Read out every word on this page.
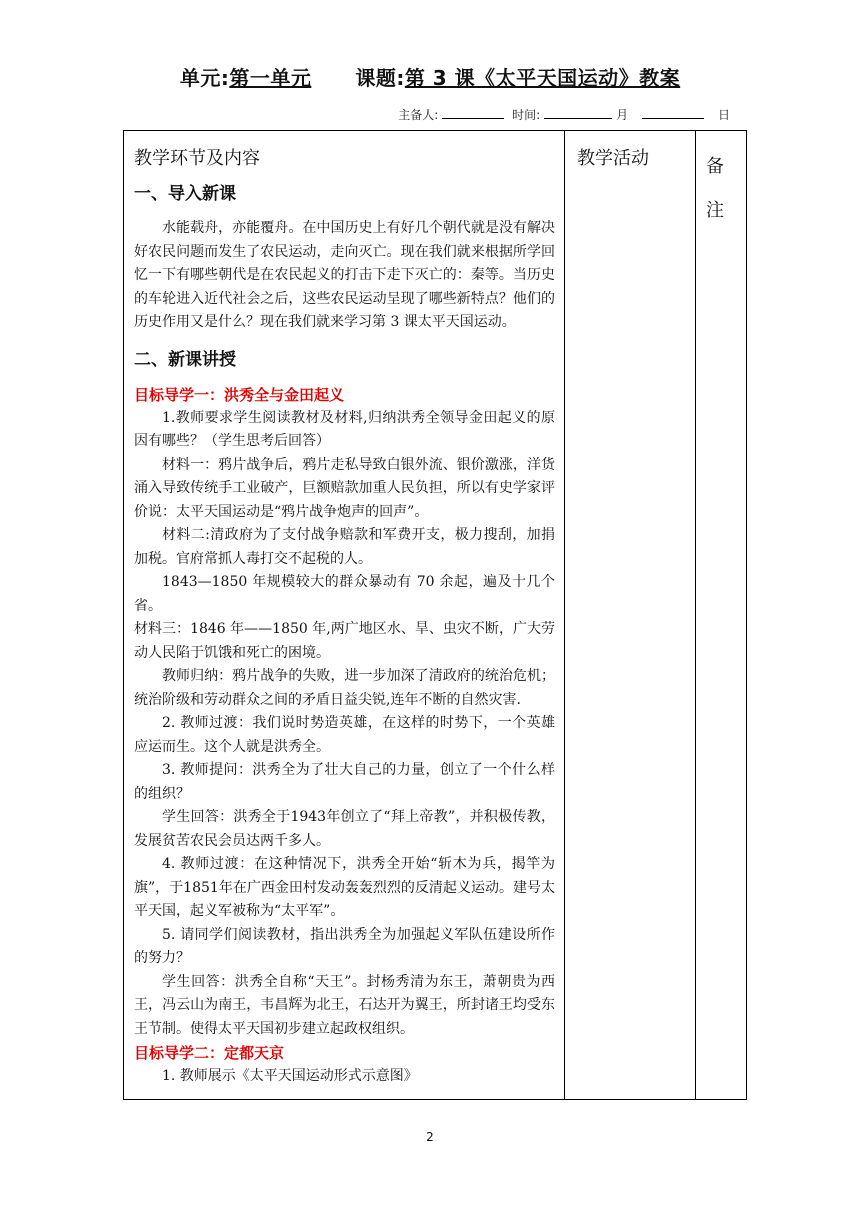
单元:第一单元 课题:第 3 课《太平天国运动》教案
主备人:	时间:	月	日
教学环节及内容
一、导入新课

水能载舟，亦能覆舟。在中国历史上有好几个朝代就是没有解决好农民问题而发生了农民运动，走向灭亡。现在我们就来根据所学回忆一下有哪些朝代是在农民起义的打击下走下灭亡的：秦等。当历史的车轮进入近代社会之后，这些农民运动呈现了哪些新特点？他们的历史作用又是什么？现在我们就来学习第 3 课太平天国运动。

二、新课讲授
目标导学一：洪秀全与金田起义

1.教师要求学生阅读教材及材料,归纳洪秀全领导金田起义的原因有哪些？（学生思考后回答）

材料一：鸦片战争后，鸦片走私导致白银外流、银价激涨，洋货涌入导致传统手工业破产，巨额赔款加重人民负担，所以有史学家评价说：太平天国运动是“鸦片战争炮声的回声”。

材料二:清政府为了支付战争赔款和军费开支，极力搜刮，加捐加税。官府常抓人毒打交不起税的人。

1843—1850 年规模较大的群众暴动有 70 余起，遍及十几个省。

材料三：1846 年——1850 年,两广地区水、旱、虫灾不断，广大劳动人民陷于饥饿和死亡的困境。

教师归纳：鸦片战争的失败，进一步加深了清政府的统治危机；统治阶级和劳动群众之间的矛盾日益尖锐,连年不断的自然灾害.

2. 教师过渡：我们说时势造英雄，在这样的时势下，一个英雄应运而生。这个人就是洪秀全。

3. 教师提问：洪秀全为了壮大自己的力量，创立了一个什么样的组织？

学生回答：洪秀全于1943年创立了“拜上帝教”，并积极传教，发展贫苦农民会员达两千多人。

4. 教师过渡：在这种情况下，洪秀全开始“斩木为兵，揭竿为旗”，于1851年在广西金田村发动轰轰烈烈的反清起义运动。建号太平天国，起义军被称为“太平军”。

5. 请同学们阅读教材，指出洪秀全为加强起义军队伍建设所作的努力？

学生回答：洪秀全自称“天王”。封杨秀清为东王，萧朝贵为西王，冯云山为南王，韦昌辉为北王，石达开为翼王，所封诸王均受东王节制。使得太平天国初步建立起政权组织。

目标导学二：定都天京

1. 教师展示《太平天国运动形式示意图》

教学活动	备
注
2
